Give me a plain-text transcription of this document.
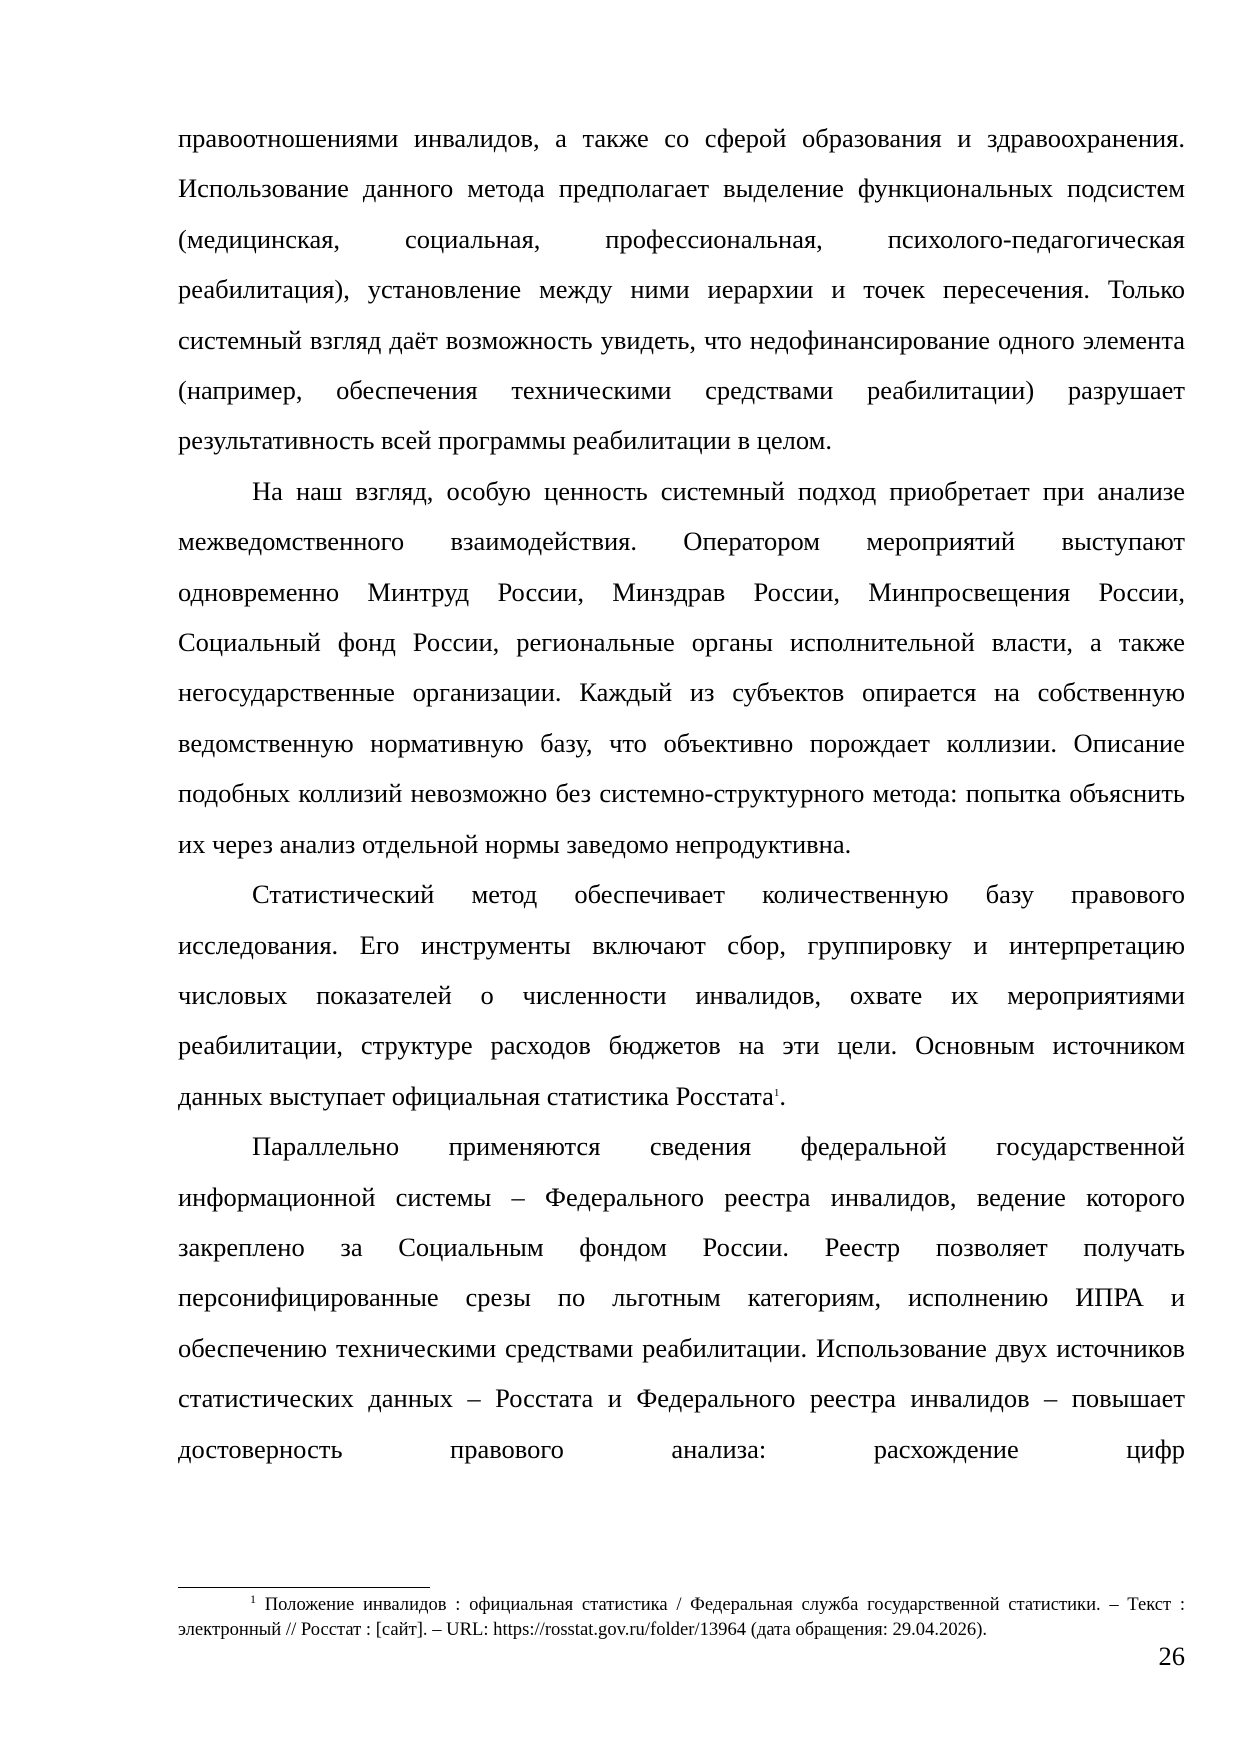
правоотношениями инвалидов, а также со сферой образования и здравоохранения. Использование данного метода предполагает выделение функциональных подсистем (медицинская, социальная, профессиональная, психолого-педагогическая реабилитация), установление между ними иерархии и точек пересечения. Только системный взгляд даёт возможность увидеть, что недофинансирование одного элемента (например, обеспечения техническими средствами реабилитации) разрушает результативность всей программы реабилитации в целом.

На наш взгляд, особую ценность системный подход приобретает при анализе межведомственного взаимодействия. Оператором мероприятий выступают одновременно Минтруд России, Минздрав России, Минпросвещения России, Социальный фонд России, региональные органы исполнительной власти, а также негосударственные организации. Каждый из субъектов опирается на собственную ведомственную нормативную базу, что объективно порождает коллизии. Описание подобных коллизий невозможно без системно-структурного метода: попытка объяснить их через анализ отдельной нормы заведомо непродуктивна.

Статистический метод обеспечивает количественную базу правового исследования. Его инструменты включают сбор, группировку и интерпретацию числовых показателей о численности инвалидов, охвате их мероприятиями реабилитации, структуре расходов бюджетов на эти цели. Основным источником данных выступает официальная статистика Росстата$^1$.

Параллельно применяются сведения федеральной государственной информационной системы – Федерального реестра инвалидов, ведение которого закреплено за Социальным фондом России. Реестр позволяет получать персонифицированные срезы по льготным категориям, исполнению ИПРА и обеспечению техническими средствами реабилитации. Использование двух источников статистических данных – Росстата и Федерального реестра инвалидов – повышает достоверность правового анализа: расхождение цифр

$^1$ Положение инвалидов : официальная статистика / Федеральная служба государственной статистики. – Текст : электронный // Росстат : [сайт]. – URL: https://rosstat.gov.ru/folder/13964 (дата обращения: 29.04.2026).

26
